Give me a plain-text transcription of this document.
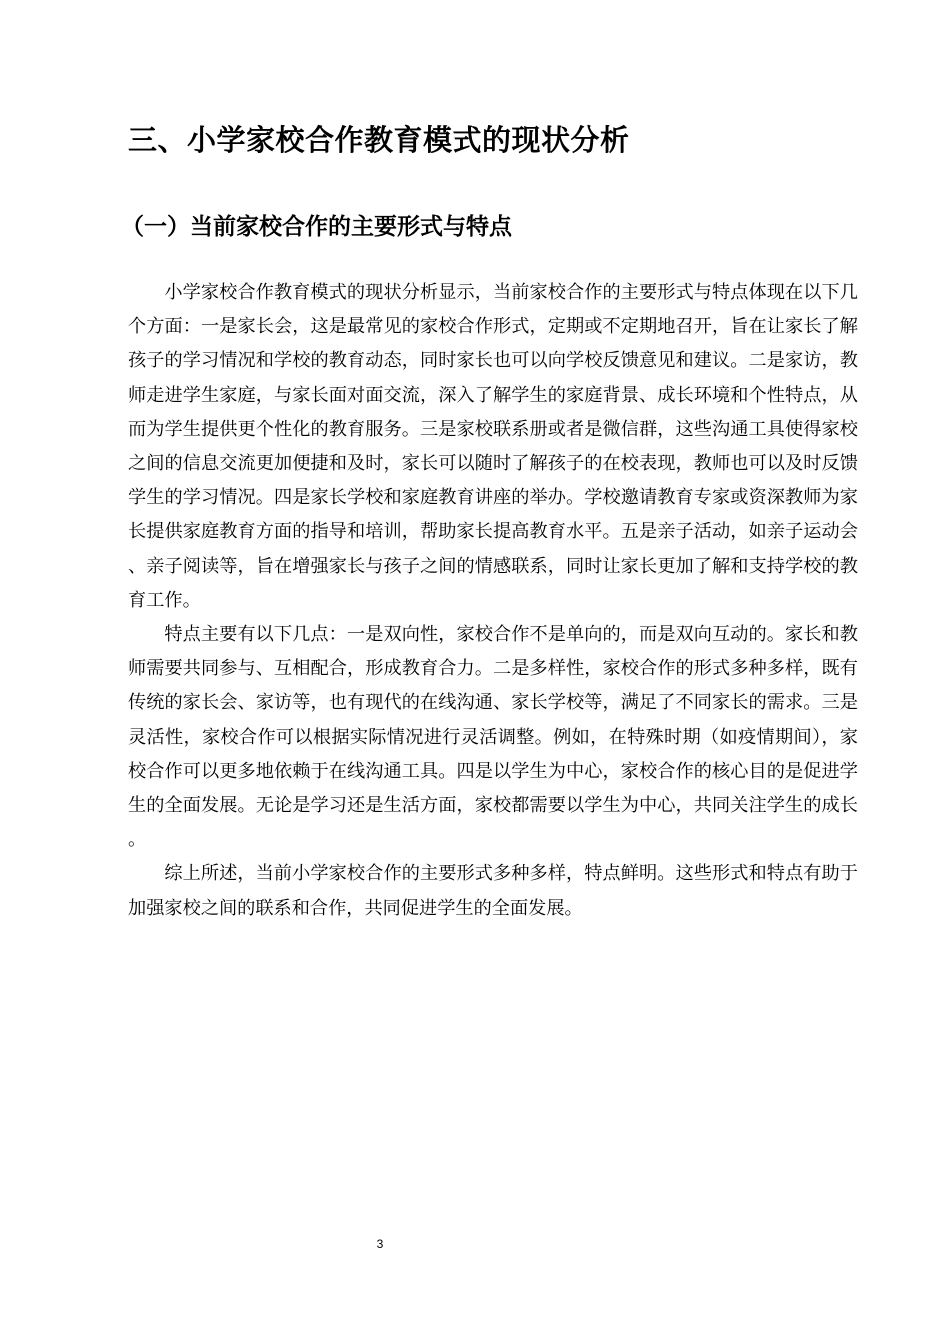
三、小学家校合作教育模式的现状分析
（一）当前家校合作的主要形式与特点

小学家校合作教育模式的现状分析显示，当前家校合作的主要形式与特点体现在以下几个方面：一是家长会，这是最常见的家校合作形式，定期或不定期地召开，旨在让家长了解孩子的学习情况和学校的教育动态，同时家长也可以向学校反馈意见和建议。二是家访，教师走进学生家庭，与家长面对面交流，深入了解学生的家庭背景、成长环境和个性特点，从而为学生提供更个性化的教育服务。三是家校联系册或者是微信群，这些沟通工具使得家校之间的信息交流更加便捷和及时，家长可以随时了解孩子的在校表现，教师也可以及时反馈学生的学习情况。四是家长学校和家庭教育讲座的举办。学校邀请教育专家或资深教师为家长提供家庭教育方面的指导和培训，帮助家长提高教育水平。五是亲子活动，如亲子运动会、亲子阅读等，旨在增强家长与孩子之间的情感联系，同时让家长更加了解和支持学校的教育工作。

特点主要有以下几点：一是双向性，家校合作不是单向的，而是双向互动的。家长和教师需要共同参与、互相配合，形成教育合力。二是多样性，家校合作的形式多种多样，既有传统的家长会、家访等，也有现代的在线沟通、家长学校等，满足了不同家长的需求。三是灵活性，家校合作可以根据实际情况进行灵活调整。例如，在特殊时期（如疫情期间），家校合作可以更多地依赖于在线沟通工具。四是以学生为中心，家校合作的核心目的是促进学生的全面发展。无论是学习还是生活方面，家校都需要以学生为中心，共同关注学生的成长。

综上所述，当前小学家校合作的主要形式多种多样，特点鲜明。这些形式和特点有助于加强家校之间的联系和合作，共同促进学生的全面发展。

3
